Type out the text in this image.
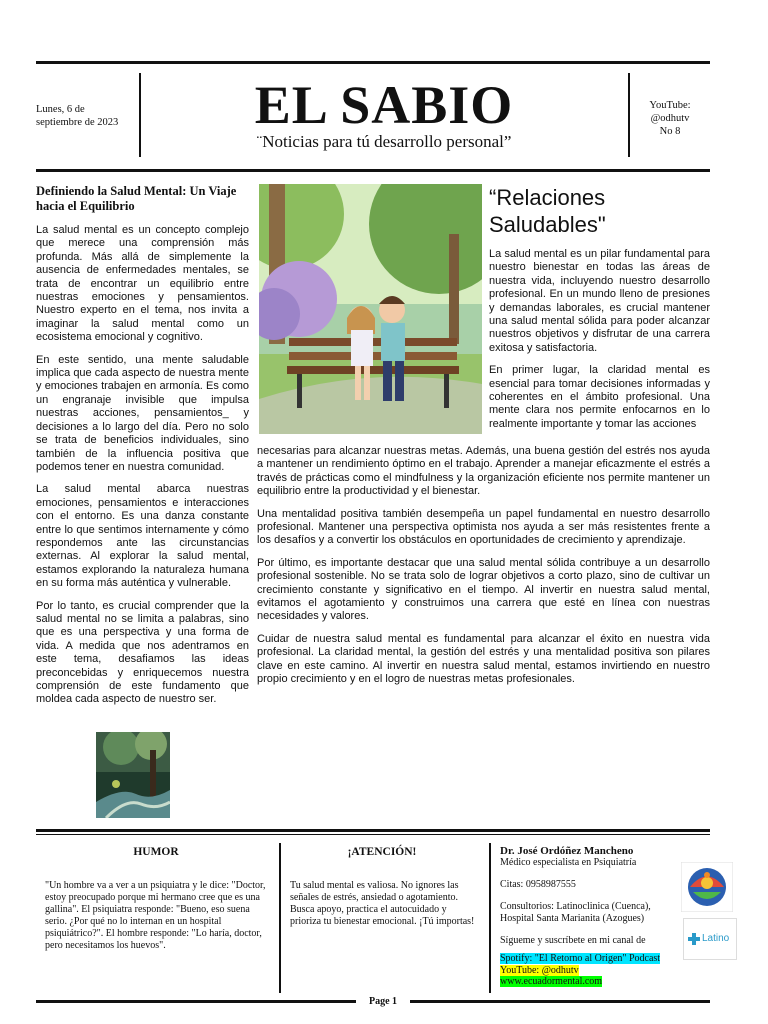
Lunes, 6 de septiembre de 2023	EL SABIO
¨Noticias para tú desarrollo personal”
YouTube:
@odhutv
No 8
Definiendo la Salud Mental: Un Viaje hacia el Equilibrio

La salud mental es un concepto complejo que merece una comprensión más profunda. Más allá de simplemente la ausencia de enfermedades mentales, se trata de encontrar un equilibrio entre nuestras emociones y pensamientos. Nuestro experto en el tema, nos invita a imaginar la salud mental como un ecosistema emocional y cognitivo.

En este sentido, una mente saludable implica que cada aspecto de nuestra mente y emociones trabajen en armonía. Es como un engranaje invisible que impulsa nuestras acciones, pensamientos_ y decisiones a lo largo del día. Pero no solo se trata de beneficios individuales, sino también de la influencia positiva que podemos tener en nuestra comunidad.

La salud mental abarca nuestras emociones, pensamientos e interacciones con el entorno. Es una danza constante entre lo que sentimos internamente y cómo respondemos ante las circunstancias externas. Al explorar la salud mental, estamos explorando la naturaleza humana en su forma más auténtica y vulnerable.

Por lo tanto, es crucial comprender que la salud mental no se limita a palabras, sino que es una perspectiva y una forma de vida. A medida que nos adentramos en este tema, desafiamos las ideas preconcebidas y enriquecemos nuestra comprensión de este fundamento que moldea cada aspecto de nuestro ser.

“Relaciones
Saludables"

La salud mental es un pilar fundamental para nuestro bienestar en todas las áreas de nuestra vida, incluyendo nuestro desarrollo profesional. En un mundo lleno de presiones y demandas laborales, es crucial mantener una salud mental sólida para poder alcanzar nuestros objetivos y disfrutar de una carrera exitosa y satisfactoria.

En primer lugar, la claridad mental es esencial para tomar decisiones informadas y coherentes en el ámbito profesional. Una mente clara nos permite enfocarnos en lo realmente importante y tomar las acciones

necesarias para alcanzar nuestras metas. Además, una buena gestión del estrés nos ayuda a mantener un rendimiento óptimo en el trabajo. Aprender a manejar eficazmente el estrés a través de prácticas como el mindfulness y la organización eficiente nos permite mantener un equilibrio entre la productividad y el bienestar.

Una mentalidad positiva también desempeña un papel fundamental en nuestro desarrollo profesional. Mantener una perspectiva optimista nos ayuda a ser más resistentes frente a los desafíos y a convertir los obstáculos en oportunidades de crecimiento y aprendizaje.

Por último, es importante destacar que una salud mental sólida contribuye a un desarrollo profesional sostenible. No se trata solo de lograr objetivos a corto plazo, sino de cultivar un crecimiento constante y significativo en el tiempo. Al invertir en nuestra salud mental, evitamos el agotamiento y construimos una carrera que esté en línea con nuestras necesidades y valores.

Cuidar de nuestra salud mental es fundamental para alcanzar el éxito en nuestra vida profesional. La claridad mental, la gestión del estrés y una mentalidad positiva son pilares clave en este camino. Al invertir en nuestra salud mental, estamos invirtiendo en nuestro propio crecimiento y en el logro de nuestras metas profesionales.

HUMOR
"Un hombre va a ver a un psiquiatra y le dice: "Doctor, estoy preocupado porque mi hermano cree que es una gallina". El psiquiatra responde: "Bueno, eso suena serio. ¿Por qué no lo internan en un hospital psiquiátrico?". El hombre responde: "Lo haría, doctor, pero necesitamos los huevos".
¡ATENCIÓN!
Tu salud mental es valiosa. No ignores las señales de estrés, ansiedad o agotamiento. Busca apoyo, practica el autocuidado y prioriza tu bienestar emocional. ¡Tú importas!
Dr. José Ordóñez Mancheno
Médico especialista en Psiquiatría
Citas: 0958987555
Consultorios: Latinoclinica (Cuenca), Hospital Santa Marianita (Azogues)
Sígueme y suscríbete en mi canal de
Spotify: "El Retorno al Origen" Podcast
YouTube: @odhutv
www.ecuadormental.com
Latino
Page 1
